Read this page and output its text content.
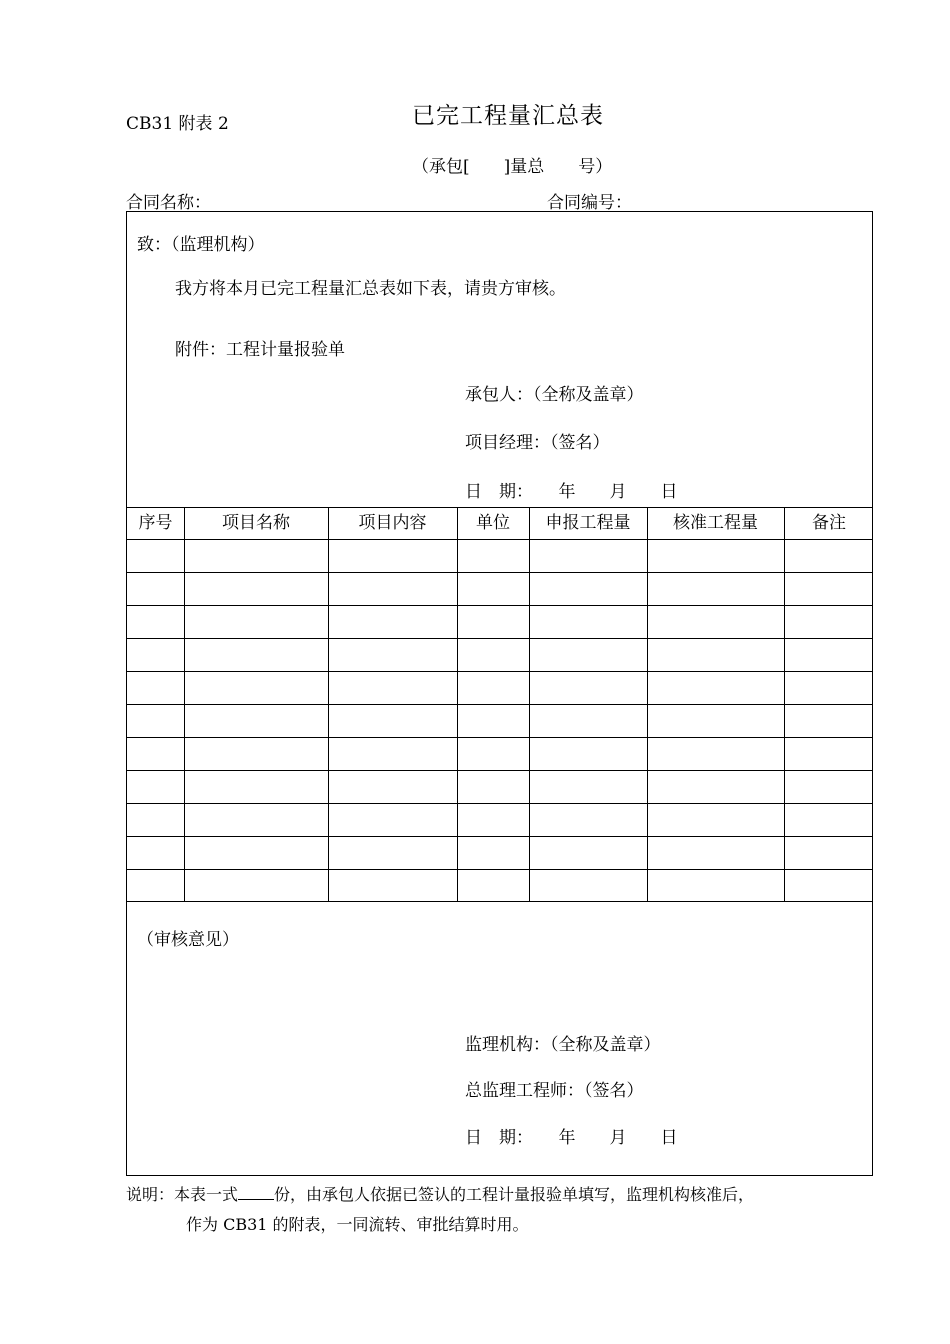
CB31 附表 2	已完工程量汇总表
（承包[　　]量总　　号）
合同名称：	合同编号：
致：（监理机构）
我方将本月已完工程量汇总表如下表，请贵方审核。
附件：工程计量报验单
承包人：（全称及盖章）
项目经理：（签名）
日　期：　　年　　月　　日
序号	项目名称	项目内容	单位	申报工程量	核准工程量	备注
（审核意见）
监理机构：（全称及盖章）
总监理工程师：（签名）
日　期：　　年　　月　　日
说明：本表一式 份，由承包人依据已签认的工程计量报验单填写，监理机构核准后，
作为 CB31 的附表，一同流转、审批结算时用。
